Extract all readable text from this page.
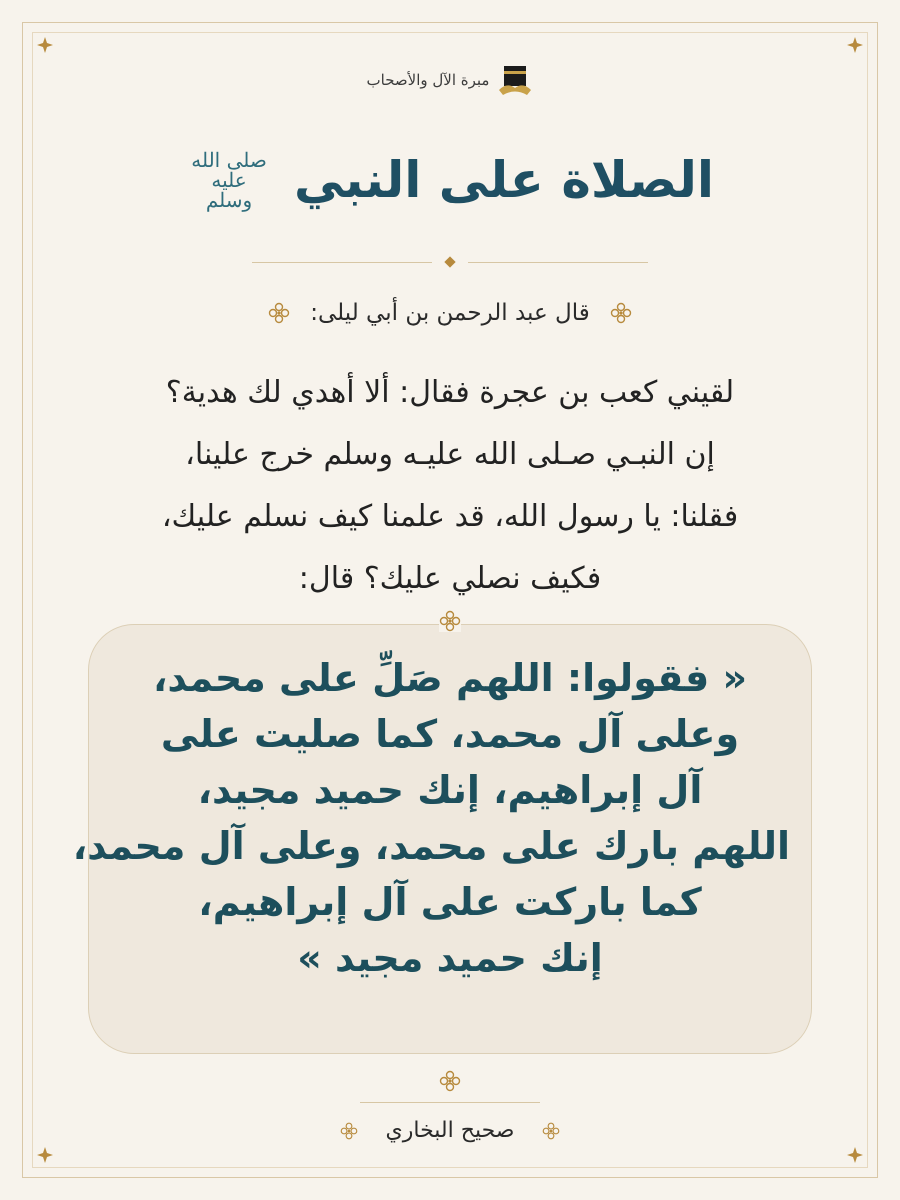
مبرة الآل والأصحاب
الصلاة على النبي
صلى الله
عليه وسلم
قال عبد الرحمن بن أبي ليلى:
لقيني كعب بن عجرة فقال: ألا أهدي لك هدية؟
إن النبـي صـلى الله عليـه وسلم خرج علينا،
فقلنا: يا رسول الله، قد علمنا كيف نسلم عليك،
فكيف نصلي عليك؟ قال:
« فقولوا: اللهم صَلِّ على محمد،
وعلى آل محمد، كما صليت على
آل إبراهيم، إنك حميد مجيد،
اللهم بارك على محمد، وعلى آل محمد،
كما باركت على آل إبراهيم،
إنك حميد مجيد »
صحيح البخاري
